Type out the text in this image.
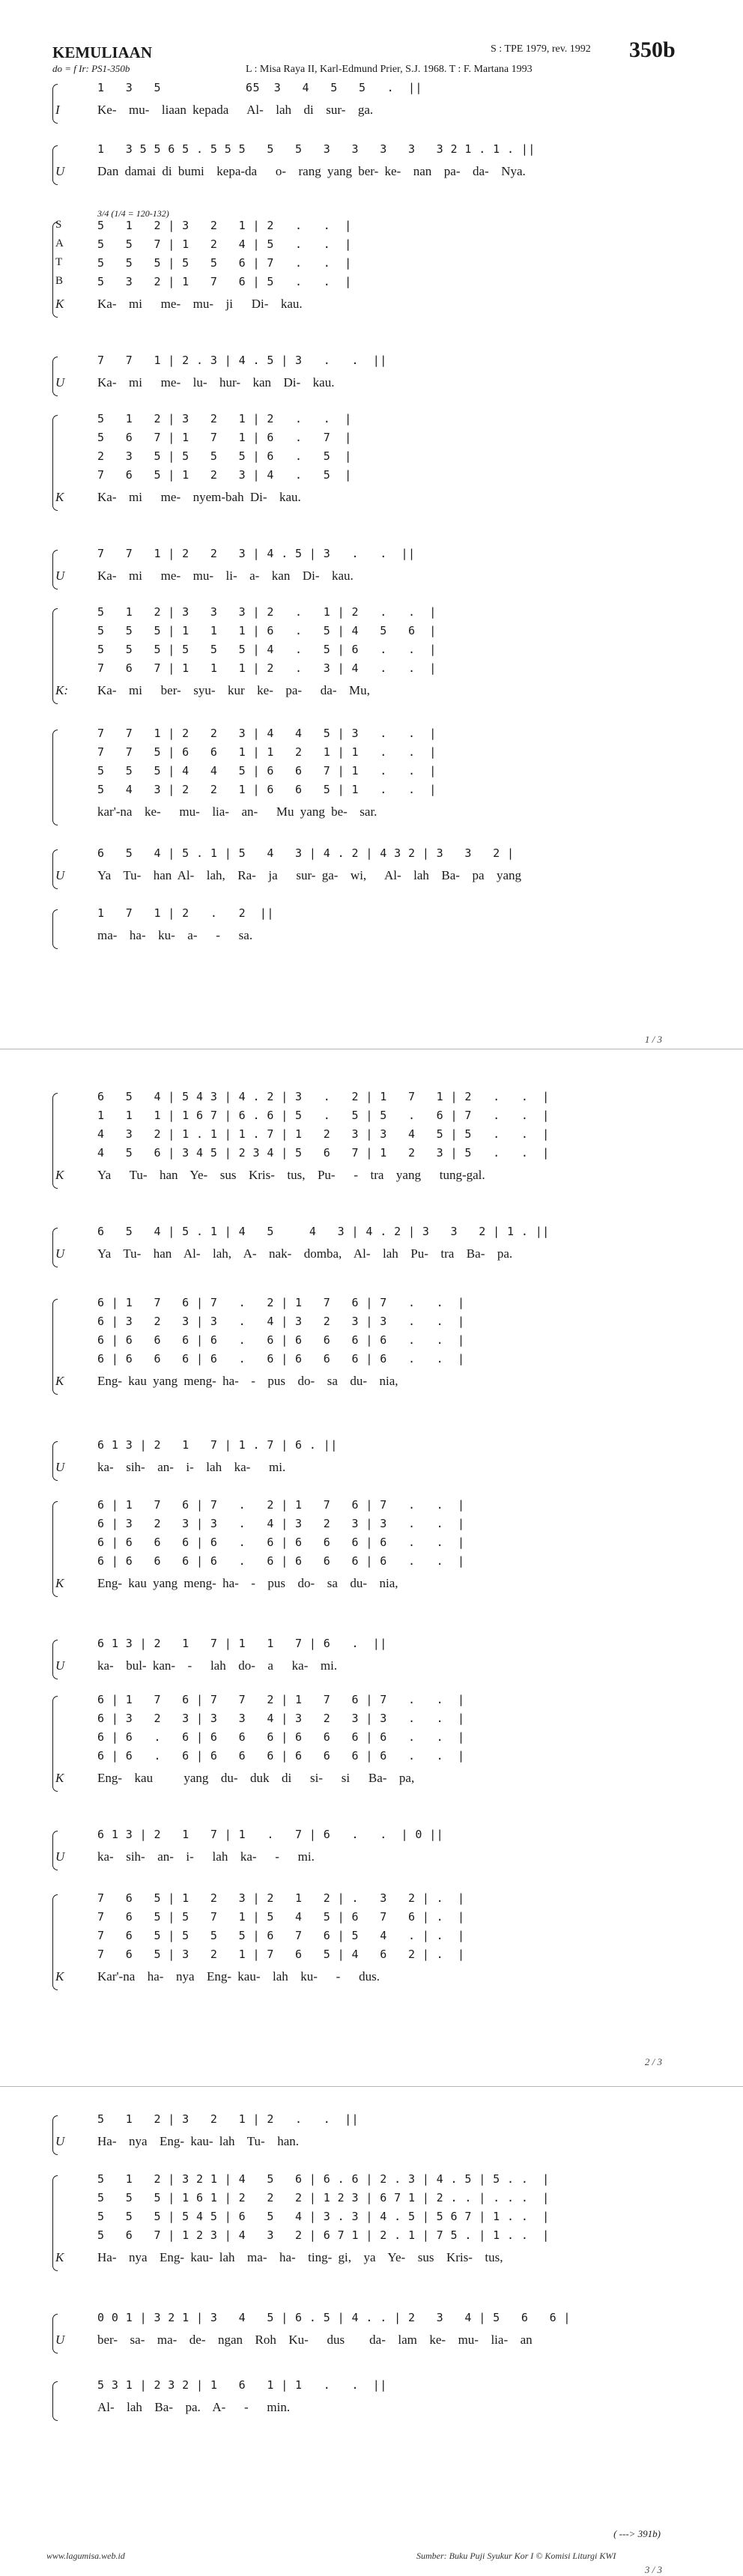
KEMULIAAN
do = f Ir: PS1-350b
S : TPE 1979, rev. 1992 350b
L : Misa Raya II, Karl-Edmund Prier, S.J. 1968. T : F. Martana 1993
3/4 (1/4 = 120-132)
1   3   5            65  3   4   5   5   .  ||
I	Ke-  mu-  liaan kepada   Al-  lah  di  sur-  ga.
1   3 5 5 6 5 . 5 5 5   5   5   3   3   3   3   3 2 1 . 1 . ||
U	Dan damai di bumi  kepa-da   o-  rang yang ber- ke-  nan  pa-  da-  Nya.
S	5   1   2 | 3   2   1 | 2   .   .  |
A	5   5   7 | 1   2   4 | 5   .   .  |
T	5   5   5 | 5   5   6 | 7   .   .  |
B	5   3   2 | 1   7   6 | 5   .   .  |
K	Ka-  mi   me-  mu-  ji   Di-  kau.
7   7   1 | 2 . 3 | 4 . 5 | 3   .   .  ||
U	Ka-  mi   me-  lu-  hur-  kan  Di-  kau.
5   1   2 | 3   2   1 | 2   .   .  |
5   6   7 | 1   7   1 | 6   .   7  |
2   3   5 | 5   5   5 | 6   .   5  |
7   6   5 | 1   2   3 | 4   .   5  |
K	Ka-  mi   me-  nyem-bah Di-  kau.
7   7   1 | 2   2   3 | 4 . 5 | 3   .   .  ||
U	Ka-  mi   me-  mu-  li-  a-  kan  Di-  kau.
5   1   2 | 3   3   3 | 2   .   1 | 2   .   .  |
5   5   5 | 1   1   1 | 6   .   5 | 4   5   6  |
5   5   5 | 5   5   5 | 4   .   5 | 6   .   .  |
7   6   7 | 1   1   1 | 2   .   3 | 4   .   .  |
K: Ka-  mi   ber-  syu-  kur  ke-  pa-   da-  Mu,
7   7   1 | 2   2   3 | 4   4   5 | 3   .   .  |
7   7   5 | 6   6   1 | 1   2   1 | 1   .   .  |
5   5   5 | 4   4   5 | 6   6   7 | 1   .   .  |
5   4   3 | 2   2   1 | 6   6   5 | 1   .   .  |
kar'-na  ke-   mu-  lia-  an-   Mu yang be-  sar.
6   5   4 | 5 . 1 | 5   4   3 | 4 . 2 | 4 3 2 | 3   3   2 |
U	Ya  Tu-  han Al-  lah,  Ra-  ja   sur- ga-  wi,   Al-  lah  Ba-  pa  yang
1   7   1 | 2   .   2  ||
ma-  ha-  ku-  a-   -   sa.
1 / 3
6   5   4 | 5 4 3 | 4 . 2 | 3   .   2 | 1   7   1 | 2   .   .  |
1   1   1 | 1 6 7 | 6 . 6 | 5   .   5 | 5   .   6 | 7   .   .  |
4   3   2 | 1 . 1 | 1 . 7 | 1   2   3 | 3   4   5 | 5   .   .  |
4   5   6 | 3 4 5 | 2 3 4 | 5   6   7 | 1   2   3 | 5   .   .  |
K	Ya   Tu-  han  Ye-  sus  Kris-  tus,  Pu-   -  tra  yang   tung-gal.
6   5   4 | 5 . 1 | 4   5     4   3 | 4 . 2 | 3   3   2 | 1 . ||
U	Ya  Tu-  han  Al-  lah,  A-  nak-  domba,  Al-  lah  Pu-  tra  Ba-  pa.
6 | 1   7   6 | 7   .   2 | 1   7   6 | 7   .   .  |
6 | 3   2   3 | 3   .   4 | 3   2   3 | 3   .   .  |
6 | 6   6   6 | 6   .   6 | 6   6   6 | 6   .   .  |
6 | 6   6   6 | 6   .   6 | 6   6   6 | 6   .   .  |
K	Eng- kau yang meng- ha-  -  pus  do-  sa  du-  nia,
6 1 3 | 2   1   7 | 1 . 7 | 6 . ||
U	ka-  sih-  an-  i-  lah  ka-   mi.
6 | 1   7   6 | 7   .   2 | 1   7   6 | 7   .   .  |
6 | 3   2   3 | 3   .   4 | 3   2   3 | 3   .   .  |
6 | 6   6   6 | 6   .   6 | 6   6   6 | 6   .   .  |
6 | 6   6   6 | 6   .   6 | 6   6   6 | 6   .   .  |
K	Eng- kau yang meng- ha-  -  pus  do-  sa  du-  nia,
6 1 3 | 2   1   7 | 1   1   7 | 6   .  ||
U	ka-  bul- kan-  -   lah  do-  a   ka-  mi.
6 | 1   7   6 | 7   7   2 | 1   7   6 | 7   .   .  |
6 | 3   2   3 | 3   3   4 | 3   2   3 | 3   .   .  |
6 | 6   .   6 | 6   6   6 | 6   6   6 | 6   .   .  |
6 | 6   .   6 | 6   6   6 | 6   6   6 | 6   .   .  |
K	Eng-  kau     yang  du-  duk  di   si-   si   Ba-  pa,
6 1 3 | 2   1   7 | 1   .   7 | 6   .   .  | 0 ||
U	ka-  sih-  an-  i-   lah  ka-   -   mi.
7   6   5 | 1   2   3 | 2   1   2 | .   3   2 | .  |
7   6   5 | 5   7   1 | 5   4   5 | 6   7   6 | .  |
7   6   5 | 5   5   5 | 6   7   6 | 5   4   . | .  |
7   6   5 | 3   2   1 | 7   6   5 | 4   6   2 | .  |
K	Kar'-na  ha-  nya  Eng- kau-  lah  ku-   -   dus.
2 / 3
5   1   2 | 3   2   1 | 2   .   .  ||
U	Ha-  nya  Eng- kau- lah  Tu-  han.
5   1   2 | 3 2 1 | 4   5   6 | 6 . 6 | 2 . 3 | 4 . 5 | 5 . .  |
5   5   5 | 1 6 1 | 2   2   2 | 1 2 3 | 6 7 1 | 2 . . | . . .  |
5   5   5 | 5 4 5 | 6   5   4 | 3 . 3 | 4 . 5 | 5 6 7 | 1 . .  |
5   6   7 | 1 2 3 | 4   3   2 | 6 7 1 | 2 . 1 | 7 5 . | 1 . .  |
K	Ha-  nya  Eng- kau- lah  ma-  ha-  ting- gi,  ya  Ye-  sus  Kris-  tus,
0 0 1 | 3 2 1 | 3   4   5 | 6 . 5 | 4 . . | 2   3   4 | 5   6   6 |
U	ber-  sa-  ma-  de-  ngan  Roh  Ku-   dus    da-  lam  ke-  mu-  lia-  an
5 3 1 | 2 3 2 | 1   6   1 | 1   .   .  ||
Al-  lah  Ba-  pa.  A-   -   min.
( ---> 391b)
www.lagumisa.web.id	Sumber: Buku Puji Syukur Kor I © Komisi Liturgi KWI
3 / 3
